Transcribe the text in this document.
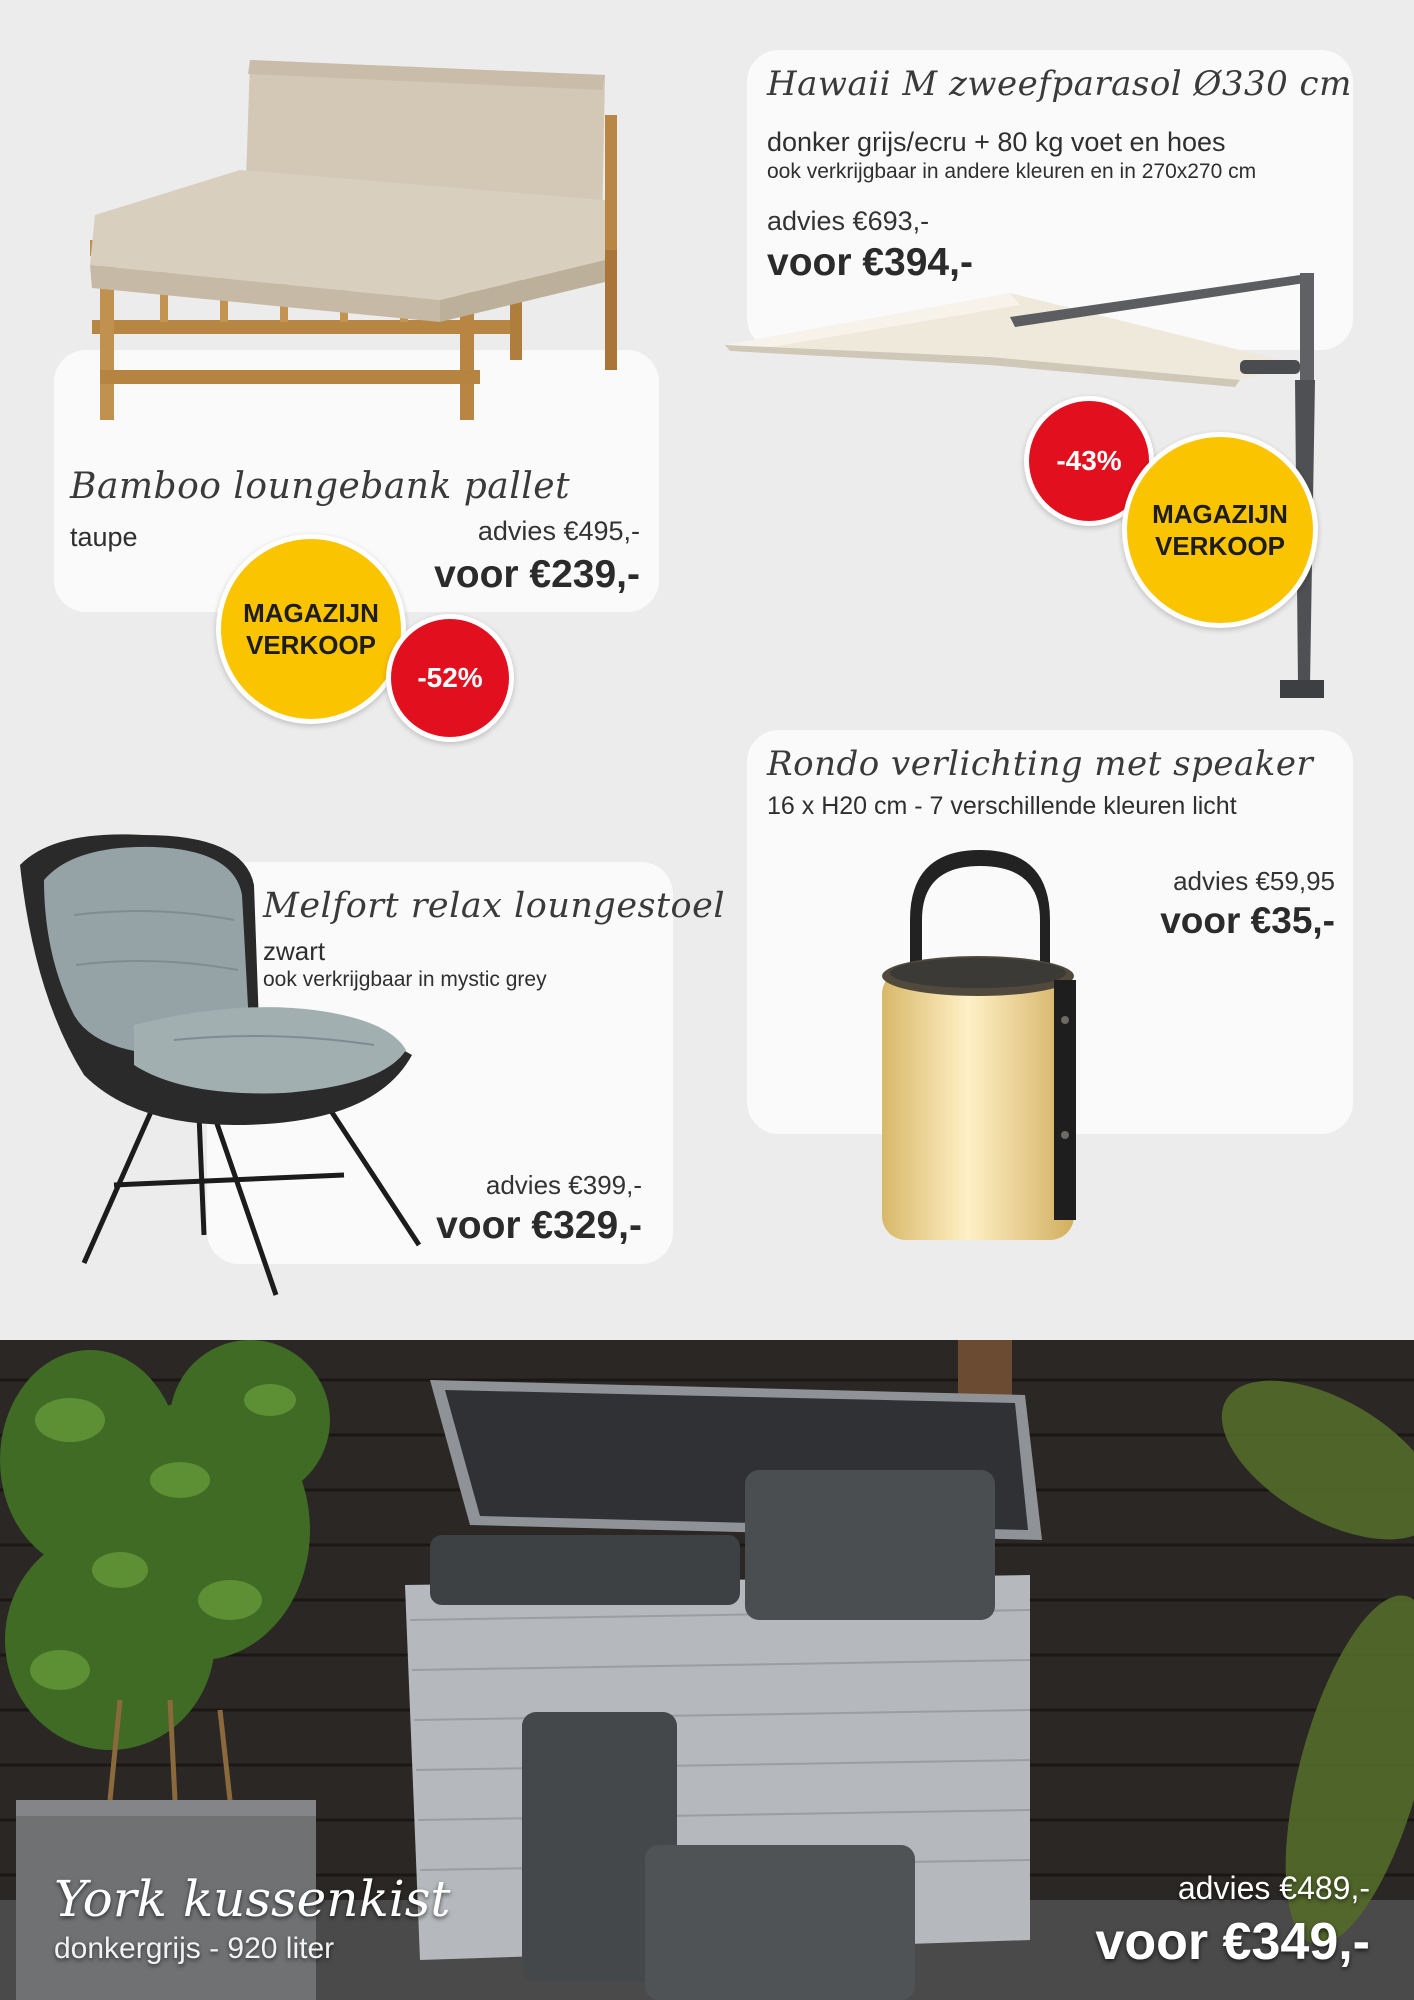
Bamboo loungebank pallet
taupe	advies €495,-
voor €239,-
MAGAZIJN
VERKOOP
-52%
Hawaii M zweefparasol Ø330 cm
donker grijs/ecru + 80 kg voet en hoes
ook verkrijgbaar in andere kleuren en in 270x270 cm
advies €693,-
voor €394,-
-43%
MAGAZIJN
VERKOOP
Rondo verlichting met speaker
16 x H20 cm - 7 verschillende kleuren licht
advies €59,95
voor €35,-
Melfort relax loungestoel
zwart
ook verkrijgbaar in mystic grey
advies €399,-
voor €329,-
York kussenkist
donkergrijs - 920 liter
advies €489,-
voor €349,-
